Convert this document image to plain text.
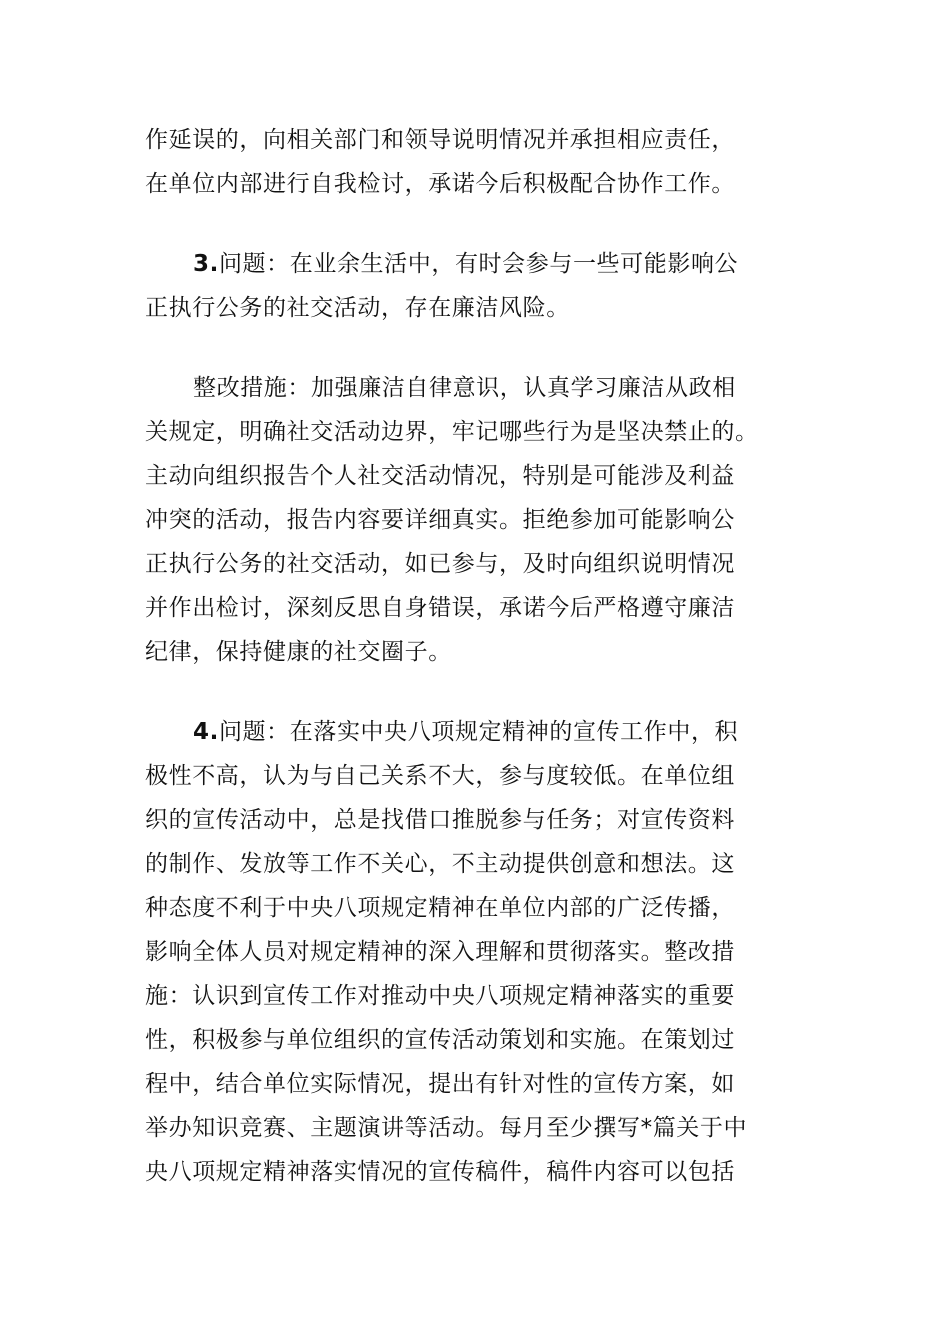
作延误的，向相关部门和领导说明情况并承担相应责任，
在单位内部进行自我检讨，承诺今后积极配合协作工作。

3.问题：在业余生活中，有时会参与一些可能影响公
正执行公务的社交活动，存在廉洁风险。

整改措施：加强廉洁自律意识，认真学习廉洁从政相
关规定，明确社交活动边界，牢记哪些行为是坚决禁止的。
主动向组织报告个人社交活动情况，特别是可能涉及利益
冲突的活动，报告内容要详细真实。拒绝参加可能影响公
正执行公务的社交活动，如已参与，及时向组织说明情况
并作出检讨，深刻反思自身错误，承诺今后严格遵守廉洁
纪律，保持健康的社交圈子。

4.问题：在落实中央八项规定精神的宣传工作中，积
极性不高，认为与自己关系不大，参与度较低。在单位组
织的宣传活动中，总是找借口推脱参与任务；对宣传资料
的制作、发放等工作不关心，不主动提供创意和想法。这
种态度不利于中央八项规定精神在单位内部的广泛传播，
影响全体人员对规定精神的深入理解和贯彻落实。整改措
施：认识到宣传工作对推动中央八项规定精神落实的重要
性，积极参与单位组织的宣传活动策划和实施。在策划过
程中，结合单位实际情况，提出有针对性的宣传方案，如
举办知识竞赛、主题演讲等活动。每月至少撰写*篇关于中
央八项规定精神落实情况的宣传稿件，稿件内容可以包括
